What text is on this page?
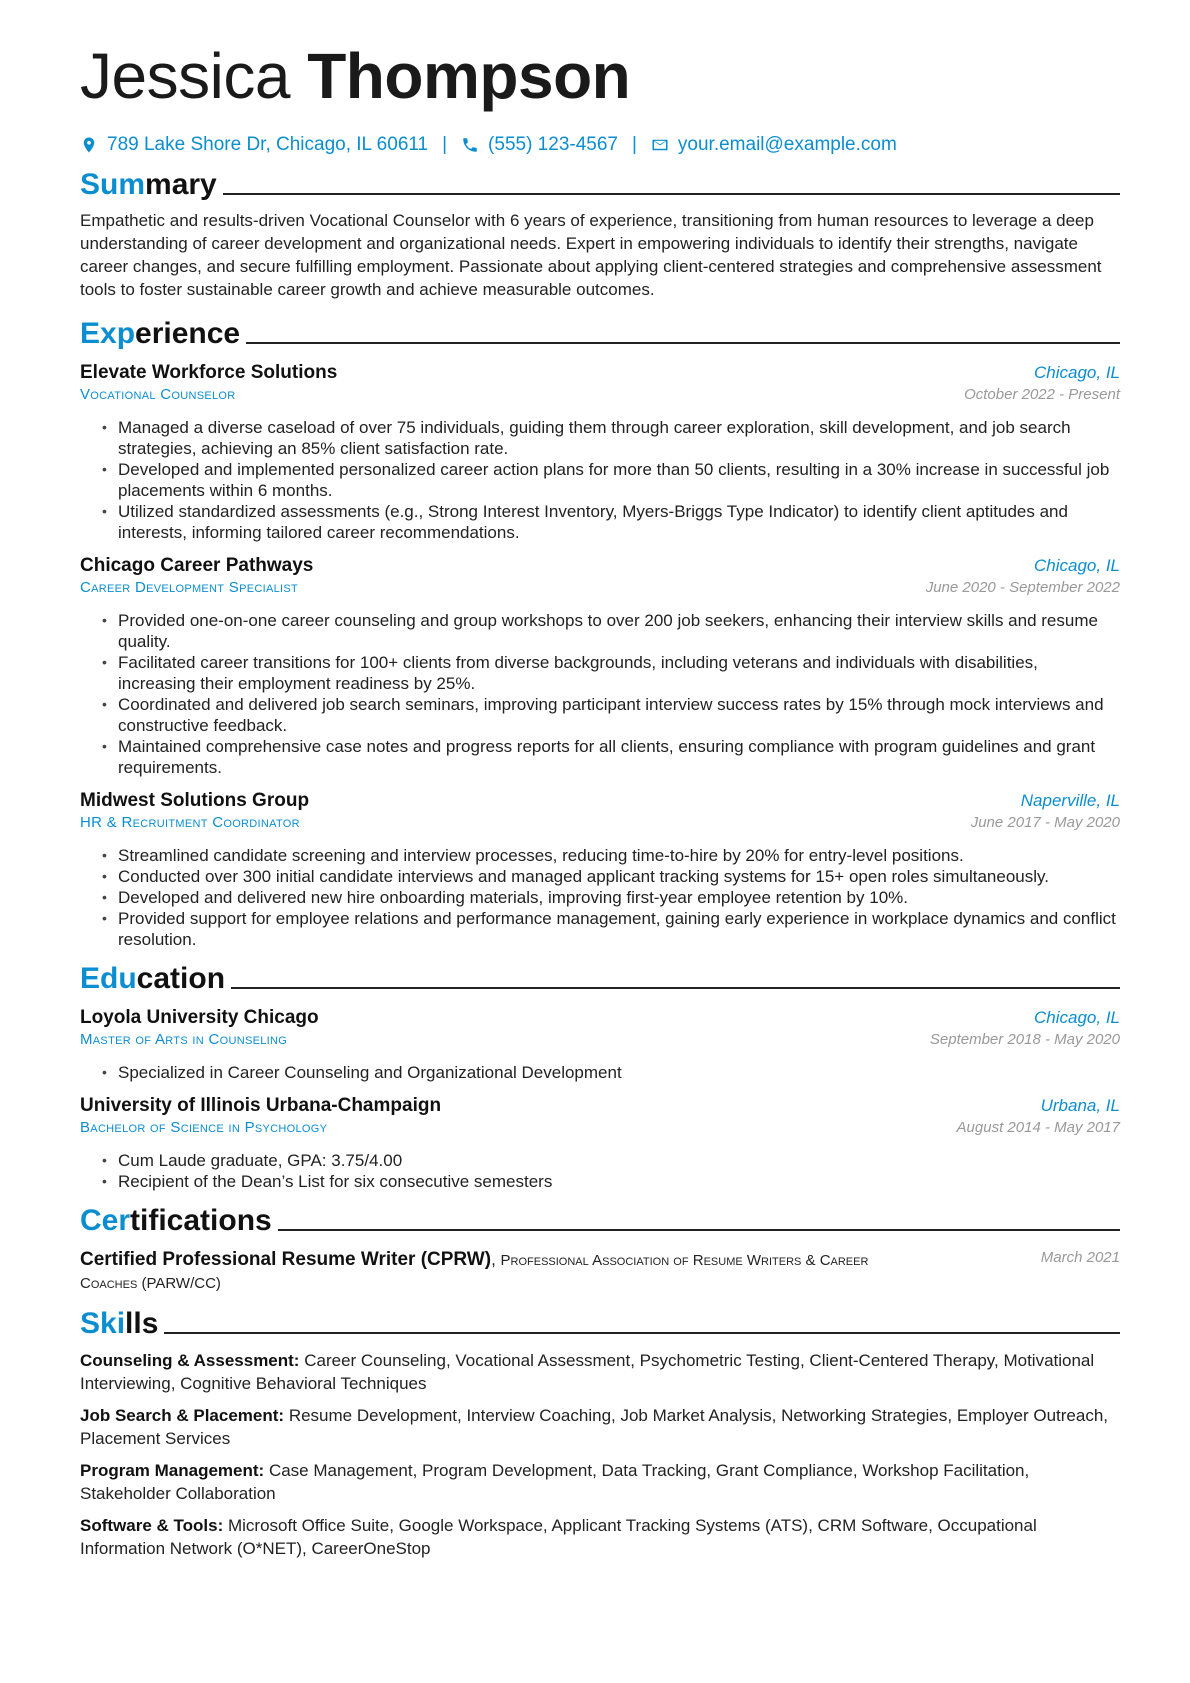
Jessica Thompson
789 Lake Shore Dr, Chicago, IL 60611 | (555) 123-4567 | your.email@example.com
Summary

Empathetic and results-driven Vocational Counselor with 6 years of experience, transitioning from human resources to leverage a deep understanding of career development and organizational needs. Expert in empowering individuals to identify their strengths, navigate career changes, and secure fulfilling employment. Passionate about applying client-centered strategies and comprehensive assessment tools to foster sustainable career growth and achieve measurable outcomes.

Experience
Elevate Workforce Solutions	Chicago, IL
Vocational Counselor	October 2022 - Present
• Managed a diverse caseload of over 75 individuals, guiding them through career exploration, skill development, and job search strategies, achieving an 85% client satisfaction rate.
• Developed and implemented personalized career action plans for more than 50 clients, resulting in a 30% increase in successful job placements within 6 months.
• Utilized standardized assessments (e.g., Strong Interest Inventory, Myers-Briggs Type Indicator) to identify client aptitudes and interests, informing tailored career recommendations.
Chicago Career Pathways	Chicago, IL
Career Development Specialist	June 2020 - September 2022
• Provided one-on-one career counseling and group workshops to over 200 job seekers, enhancing their interview skills and resume quality.
• Facilitated career transitions for 100+ clients from diverse backgrounds, including veterans and individuals with disabilities, increasing their employment readiness by 25%.
• Coordinated and delivered job search seminars, improving participant interview success rates by 15% through mock interviews and constructive feedback.
• Maintained comprehensive case notes and progress reports for all clients, ensuring compliance with program guidelines and grant requirements.
Midwest Solutions Group	Naperville, IL
HR & Recruitment Coordinator	June 2017 - May 2020
• Streamlined candidate screening and interview processes, reducing time-to-hire by 20% for entry-level positions.
• Conducted over 300 initial candidate interviews and managed applicant tracking systems for 15+ open roles simultaneously.
• Developed and delivered new hire onboarding materials, improving first-year employee retention by 10%.
• Provided support for employee relations and performance management, gaining early experience in workplace dynamics and conflict resolution.
Education
Loyola University Chicago	Chicago, IL
Master of Arts in Counseling	September 2018 - May 2020
• Specialized in Career Counseling and Organizational Development
University of Illinois Urbana-Champaign	Urbana, IL
Bachelor of Science in Psychology	August 2014 - May 2017
• Cum Laude graduate, GPA: 3.75/4.00
• Recipient of the Dean’s List for six consecutive semesters
Certifications
Certified Professional Resume Writer (CPRW), Professional Association of Resume Writers & Career Coaches (PARW/CC)
March 2021
Skills
Counseling & Assessment: Career Counseling, Vocational Assessment, Psychometric Testing, Client-Centered Therapy, Motivational Interviewing, Cognitive Behavioral Techniques
Job Search & Placement: Resume Development, Interview Coaching, Job Market Analysis, Networking Strategies, Employer Outreach, Placement Services
Program Management: Case Management, Program Development, Data Tracking, Grant Compliance, Workshop Facilitation, Stakeholder Collaboration
Software & Tools: Microsoft Office Suite, Google Workspace, Applicant Tracking Systems (ATS), CRM Software, Occupational Information Network (O*NET), CareerOneStop
